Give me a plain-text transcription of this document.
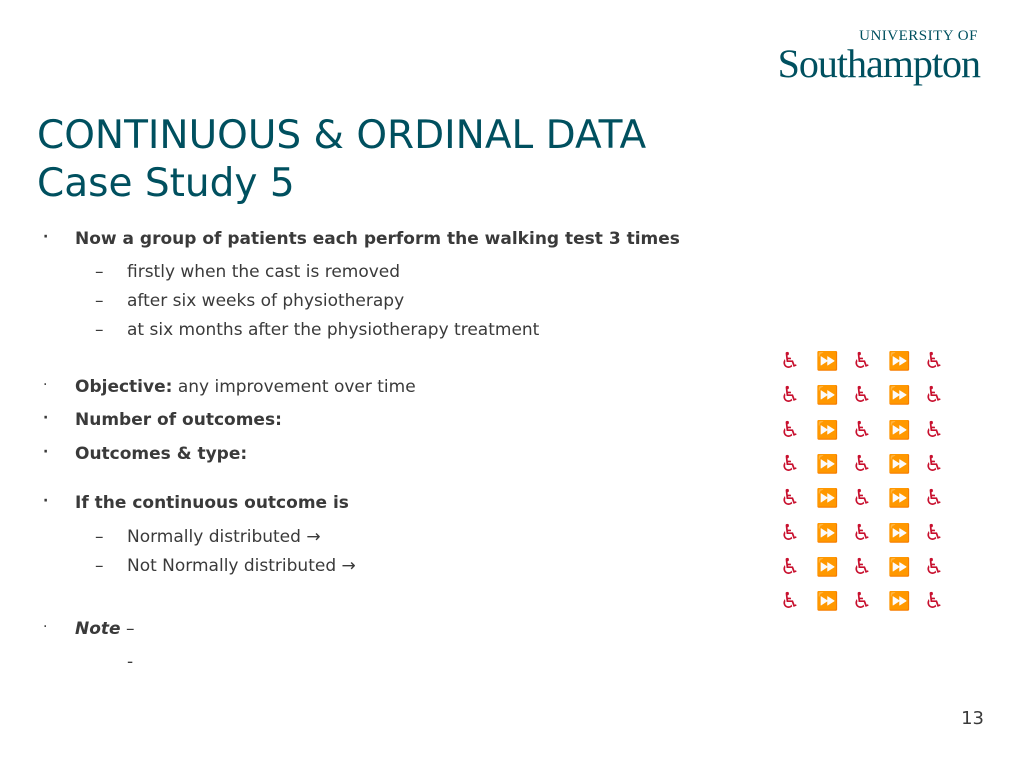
UNIVERSITY OF
Southampton
CONTINUOUS & ORDINAL DATA
Case Study 5
· Now a group of patients each perform the walking test 3 times
– firstly when the cast is removed
– after six weeks of physiotherapy
– at six months after the physiotherapy treatment
· Objective: any improvement over time
· Number of outcomes:
· Outcomes & type:
· If the continuous outcome is
– Normally distributed →
– Not Normally distributed →
· Note –
-
♿ ⏩ ♿ ⏩ ♿
♿ ⏩ ♿ ⏩ ♿
♿ ⏩ ♿ ⏩ ♿
♿ ⏩ ♿ ⏩ ♿
♿ ⏩ ♿ ⏩ ♿
♿ ⏩ ♿ ⏩ ♿
♿ ⏩ ♿ ⏩ ♿
♿ ⏩ ♿ ⏩ ♿
13
